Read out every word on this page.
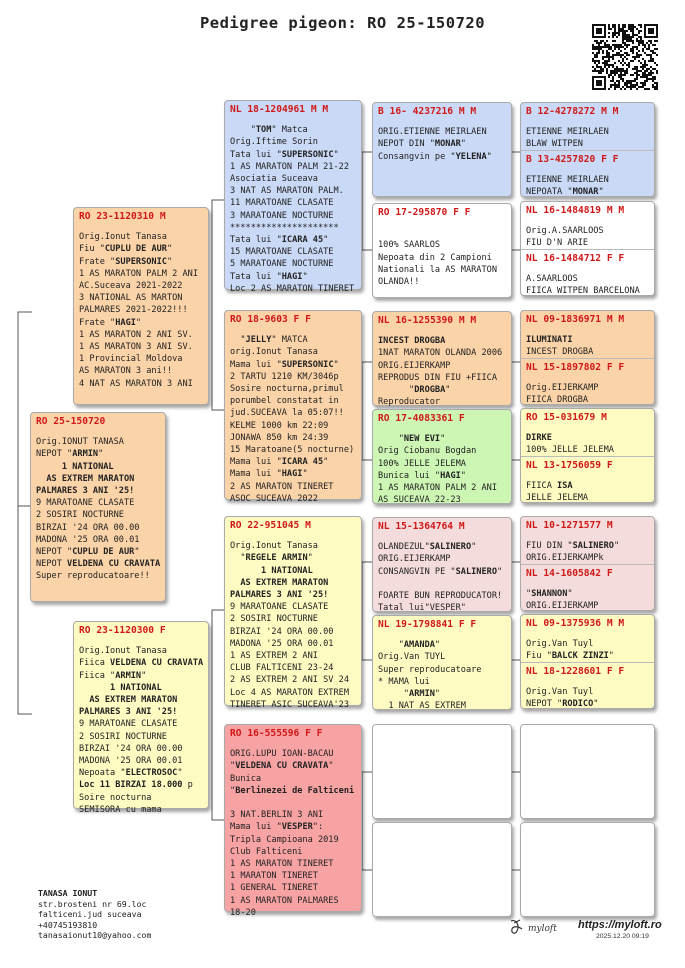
Pedigree pigeon: RO 25-150720
RO 25-150720
Orig.IONUT TANASA
NEPOT "ARMIN"
1 NATIONAL
AS EXTREM MARATON
PALMARES 3 ANI '25!
9 MARATOANE CLASATE
2 SOSIRI NOCTURNE
BIRZAI '24 ORA 00.00
MADONA '25 ORA 00.01
NEPOT "CUPLU DE AUR"
NEPOT VELDENA CU CRAVATA
Super reproducatoare!!
RO 23-1120310 M
Orig.Ionut Tanasa
Fiu "CUPLU DE AUR"
Frate "SUPERSONIC"
1 AS MARATON PALM 2 ANI
AC.Suceava 2021-2022
3 NATIONAL AS MARTON
PALMARES 2021-2022!!!
Frate "HAGI"
1 AS MARATON 2 ANI SV.
1 AS MARATON 3 ANI SV.
1 Provincial Moldova
AS MARATON 3 ani!!
4 NAT AS MARATON 3 ANI
RO 23-1120300 F
Orig.Ionut Tanasa
Fiica VELDENA CU CRAVATA
Fiica "ARMIN"
1 NATIONAL
AS EXTREM MARATON
PALMARES 3 ANI '25!
9 MARATOANE CLASATE
2 SOSIRI NOCTURNE
BIRZAI '24 ORA 00.00
MADONA '25 ORA 00.01
Nepoata "ELECTROSOC"
Loc 11 BIRZAI 18.000 p
Soire nocturna
SEMISORA cu mama
NL 18-1204961 M M
"TOM" Matca
Orig.Iftime Sorin
Tata lui "SUPERSONIC"
1 AS MARATON PALM 21-22
Asociatia Suceava
3 NAT AS MARATON PALM.
11 MARATOANE CLASATE
3 MARATOANE NOCTURNE
*********************
Tata lui "ICARA 45"
15 MARATOANE CLASATE
5 MARATOANE NOCTURNE
Tata lui "HAGI"
Loc 2 AS MARATON TINERET
RO 18-9603 F F
"JELLY" MATCA
orig.Ionut Tanasa
Mama lui "SUPERSONIC"
2 TARTU 1210 KM/3046p
Sosire nocturna,primul
porumbel constatat in
jud.SUCEAVA la 05:07!!
KELME 1000 km 22:09
JONAWA 850 km 24:39
15 Maratoane(5 nocturne)
Mama lui "ICARA 45"
Mama lui "HAGI"
2 AS MARATON TINERET
ASOC SUCEAVA 2022
RO 22-951045 M
Orig.Ionut Tanasa
"REGELE ARMIN"
1 NATIONAL
AS EXTREM MARATON
PALMARES 3 ANI '25!
9 MARATOANE CLASATE
2 SOSIRI NOCTURNE
BIRZAI '24 ORA 00.00
MADONA '25 ORA 00.01
1 AS EXTREM 2 ANI
CLUB FALTICENI 23-24
2 AS EXTREM 2 ANI SV 24
Loc 4 AS MARATON EXTREM
TINERET ASIC SUCEAVA'23
RO 16-555596 F F
ORIG.LUPU IOAN-BACAU
"VELDENA CU CRAVATA"
Bunica
"Berlinezei de Falticeni

3 NAT.BERLIN 3 ANI
Mama lui "VESPER":
Tripla Campioana 2019
Club Falticeni
1 AS MARATON TINERET
1 MARATON TINERET
1 GENERAL TINERET
1 AS MARATON PALMARES
18-20
B 16- 4237216 M M
ORIG.ETIENNE MEIRLAEN
NEPOT DIN "MONAR"
Consangvin pe "YELENA"
RO 17-295870 F F

100% SAARLOS
Nepoata din 2 Campioni
Nationali la AS MARATON
OLANDA!!
NL 16-1255390 M M
INCEST DROGBA
1NAT MARATON OLANDA 2006
ORIG.EIJERKAMP
REPRODUS DIN FIU +FIICA
"DROGBA"
Reproducator
RO 17-4083361 F
"NEW EVI"
Orig Ciobanu Bogdan
100% JELLE JELEMA
Bunica lui "HAGI"
1 AS MARATON PALM 2 ANI
AS SUCEAVA 22-23
NL 15-1364764 M
OLANDEZUL"SALINERO"
ORIG.EIJERKAMP
CONSANGVIN PE "SALINERO"

FOARTE BUN REPRODUCATOR!
Tatal lui"VESPER"
NL 19-1798841 F F
"AMANDA"
Orig.Van TUYL
Super reproducatoare
* MAMA lui
"ARMIN"
1 NAT AS EXTREM
B 12-4278272 M M
ETIENNE MEIRLAEN
BLAW WITPEN
B 13-4257820 F F
ETIENNE MEIRLAEN
NEPOATA "MONAR"
NL 16-1484819 M M
Orig.A.SAARLOOS
FIU D'N ARIE
NL 16-1484712 F F
A.SAARLOOS
FIICA WITPEN BARCELONA
NL 09-1836971 M M
ILUMINATI
INCEST DROGBA
NL 15-1897802 F F
Orig.EIJERKAMP
FIICA DROGBA
RO 15-031679 M
DIRKE
100% JELLE JELEMA
NL 13-1756059 F
FIICA ISA
JELLE JELEMA
NL 10-1271577 M
FIU DIN "SALINERO"
ORIG.EIJERKAMPk
NL 14-1605842 F
"SHANNON"
ORIG.EIJERKAMP
NL 09-1375936 M M
Orig.Van Tuyl
Fiu "BALCK ZINZI"
NL 18-1228601 F F
Orig.Van Tuyl
NEPOT "RODICO"
TANASA IONUT
str.brosteni nr 69.loc
falticeni.jud suceava
+40745193810
tanasaionut10@yahoo.com
myloft https://myloft.ro
2025.12.20 09:19
